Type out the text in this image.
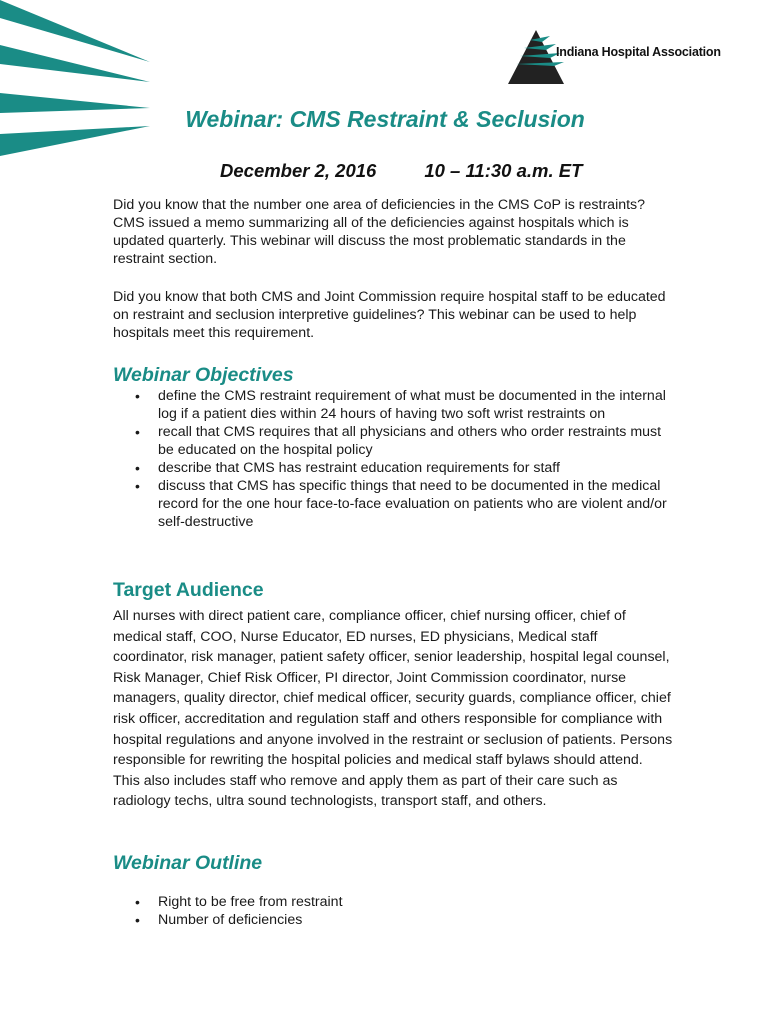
Indiana Hospital Association
Webinar: CMS Restraint & Seclusion
December 2, 2016	10 – 11:30 a.m. ET

Did you know that the number one area of deficiencies in the CMS CoP is restraints? CMS issued a memo summarizing all of the deficiencies against hospitals which is updated quarterly. This webinar will discuss the most problematic standards in the restraint section.

Did you know that both CMS and Joint Commission require hospital staff to be educated on restraint and seclusion interpretive guidelines? This webinar can be used to help hospitals meet this requirement.

Webinar Objectives
• define the CMS restraint requirement of what must be documented in the internal log if a patient dies within 24 hours of having two soft wrist restraints on
• recall that CMS requires that all physicians and others who order restraints must be educated on the hospital policy
• describe that CMS has restraint education requirements for staff
• discuss that CMS has specific things that need to be documented in the medical record for the one hour face-to-face evaluation on patients who are violent and/or self-destructive
Target Audience

All nurses with direct patient care, compliance officer, chief nursing officer, chief of medical staff, COO, Nurse Educator, ED nurses, ED physicians, Medical staff coordinator, risk manager, patient safety officer, senior leadership, hospital legal counsel, Risk Manager, Chief Risk Officer, PI director, Joint Commission coordinator, nurse managers, quality director, chief medical officer, security guards, compliance officer, chief risk officer, accreditation and regulation staff and others responsible for compliance with hospital regulations and anyone involved in the restraint or seclusion of patients. Persons responsible for rewriting the hospital policies and medical staff bylaws should attend. This also includes staff who remove and apply them as part of their care such as radiology techs, ultra sound technologists, transport staff, and others.

Webinar Outline
• Right to be free from restraint
• Number of deficiencies
